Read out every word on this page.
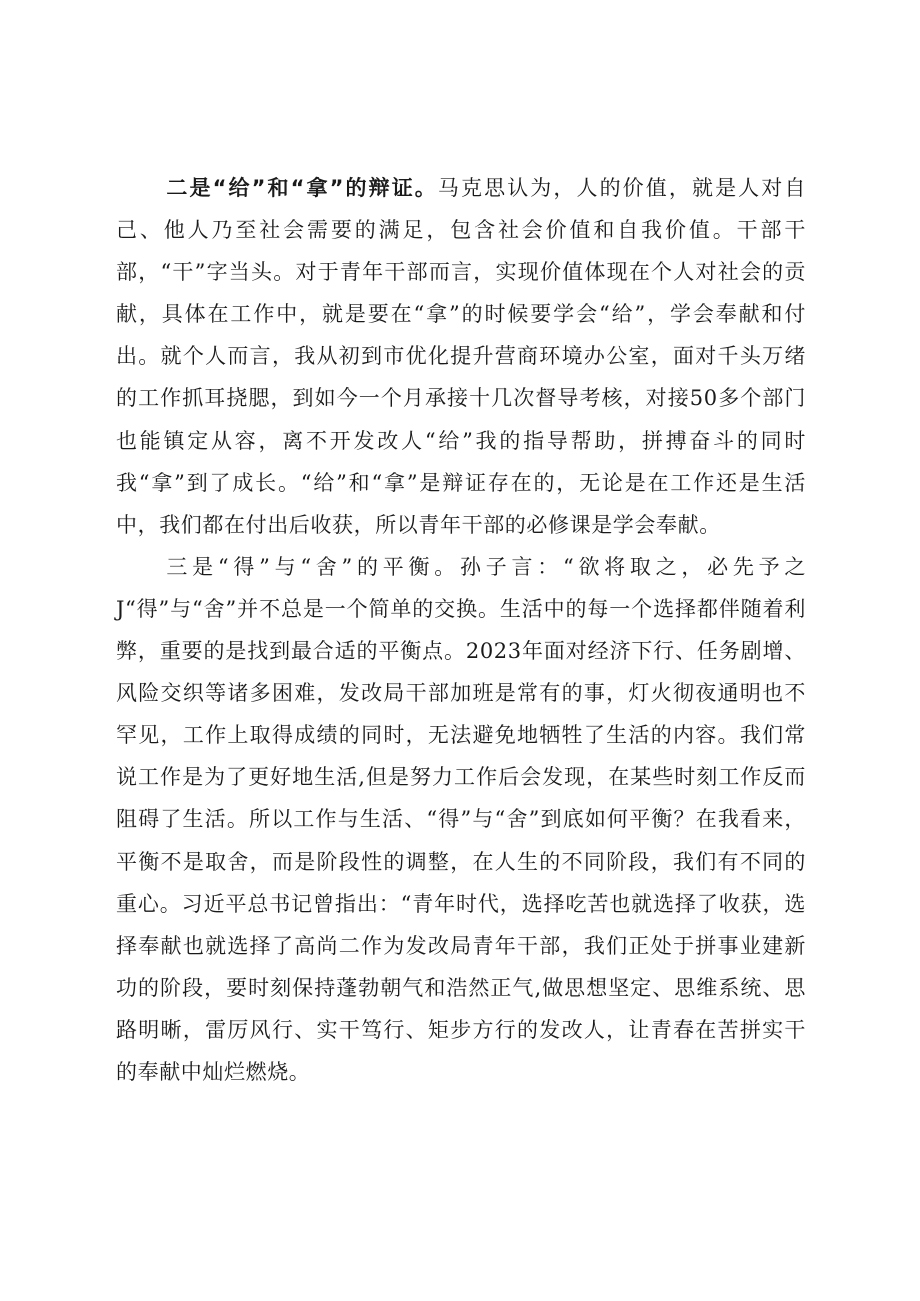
二是“给”和“拿”的辩证。马克思认为，人的价值，就是人对自己、他人乃至社会需要的满足，包含社会价值和自我价值。干部干部，“干”字当头。对于青年干部而言，实现价值体现在个人对社会的贡献，具体在工作中，就是要在“拿”的时候要学会“给”，学会奉献和付出。就个人而言，我从初到市优化提升营商环境办公室，面对千头万绪的工作抓耳挠腮，到如今一个月承接十几次督导考核，对接50多个部门也能镇定从容，离不开发改人“给”我的指导帮助，拼搏奋斗的同时我“拿”到了成长。“给”和“拿”是辩证存在的，无论是在工作还是生活中，我们都在付出后收获，所以青年干部的必修课是学会奉献。

三是“得”与“舍”的平衡。孙子言：“欲将取之，必先予之J“得”与“舍”并不总是一个简单的交换。生活中的每一个选择都伴随着利弊，重要的是找到最合适的平衡点。2023年面对经济下行、任务剧增、风险交织等诸多困难，发改局干部加班是常有的事，灯火彻夜通明也不罕见，工作上取得成绩的同时，无法避免地牺牲了生活的内容。我们常说工作是为了更好地生活,但是努力工作后会发现，在某些时刻工作反而阻碍了生活。所以工作与生活、“得”与“舍”到底如何平衡？在我看来，平衡不是取舍，而是阶段性的调整，在人生的不同阶段，我们有不同的重心。习近平总书记曾指出：“青年时代，选择吃苦也就选择了收获，选择奉献也就选择了高尚二作为发改局青年干部，我们正处于拼事业建新功的阶段，要时刻保持蓬勃朝气和浩然正气,做思想坚定、思维系统、思路明晰，雷厉风行、实干笃行、矩步方行的发改人，让青春在苦拼实干的奉献中灿烂燃烧。
